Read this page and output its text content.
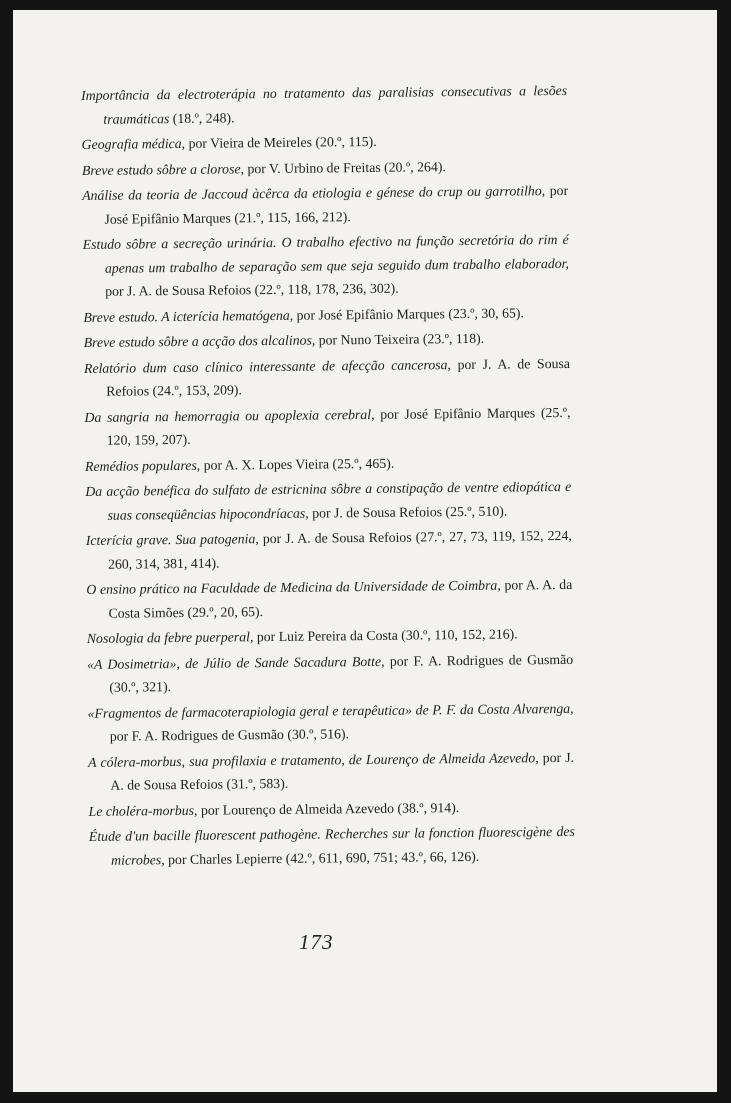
Importância da electroterápia no tratamento das paralisias consecutivas a lesões traumáticas (18.º, 248).

Geografia médica, por Vieira de Meireles (20.º, 115).

Breve estudo sôbre a clorose, por V. Urbino de Freitas (20.º, 264).

Análise da teoria de Jaccoud àcêrca da etiologia e génese do crup ou garrotilho, por José Epifânio Marques (21.º, 115, 166, 212).

Estudo sôbre a secreção urinária. O trabalho efectivo na função secretória do rim é apenas um trabalho de separação sem que seja seguido dum trabalho elaborador, por J. A. de Sousa Refoios (22.º, 118, 178, 236, 302).

Breve estudo. A icterícia hematógena, por José Epifânio Marques (23.º, 30, 65).

Breve estudo sôbre a acção dos alcalinos, por Nuno Teixeira (23.º, 118).

Relatório dum caso clínico interessante de afecção cancerosa, por J. A. de Sousa Refoios (24.º, 153, 209).

Da sangria na hemorragia ou apoplexia cerebral, por José Epifânio Marques (25.º, 120, 159, 207).

Remédios populares, por A. X. Lopes Vieira (25.º, 465).

Da acção benéfica do sulfato de estricnina sôbre a constipação de ventre ediopática e suas conseqüências hipocondríacas, por J. de Sousa Refoios (25.º, 510).

Icterícia grave. Sua patogenia, por J. A. de Sousa Refoios (27.º, 27, 73, 119, 152, 224, 260, 314, 381, 414).

O ensino prático na Faculdade de Medicina da Universidade de Coimbra, por A. A. da Costa Simões (29.º, 20, 65).

Nosologia da febre puerperal, por Luiz Pereira da Costa (30.º, 110, 152, 216).

«A Dosimetria», de Júlio de Sande Sacadura Botte, por F. A. Rodrigues de Gusmão (30.º, 321).

«Fragmentos de farmacoterapiologia geral e terapêutica» de P. F. da Costa Alvarenga, por F. A. Rodrigues de Gusmão (30.º, 516).

A cólera-morbus, sua profilaxia e tratamento, de Lourenço de Almeida Azevedo, por J. A. de Sousa Refoios (31.º, 583).

Le choléra-morbus, por Lourenço de Almeida Azevedo (38.º, 914).

Étude d'un bacille fluorescent pathogène. Recherches sur la fonction fluorescigène des microbes, por Charles Lepierre (42.º, 611, 690, 751; 43.º, 66, 126).

173
